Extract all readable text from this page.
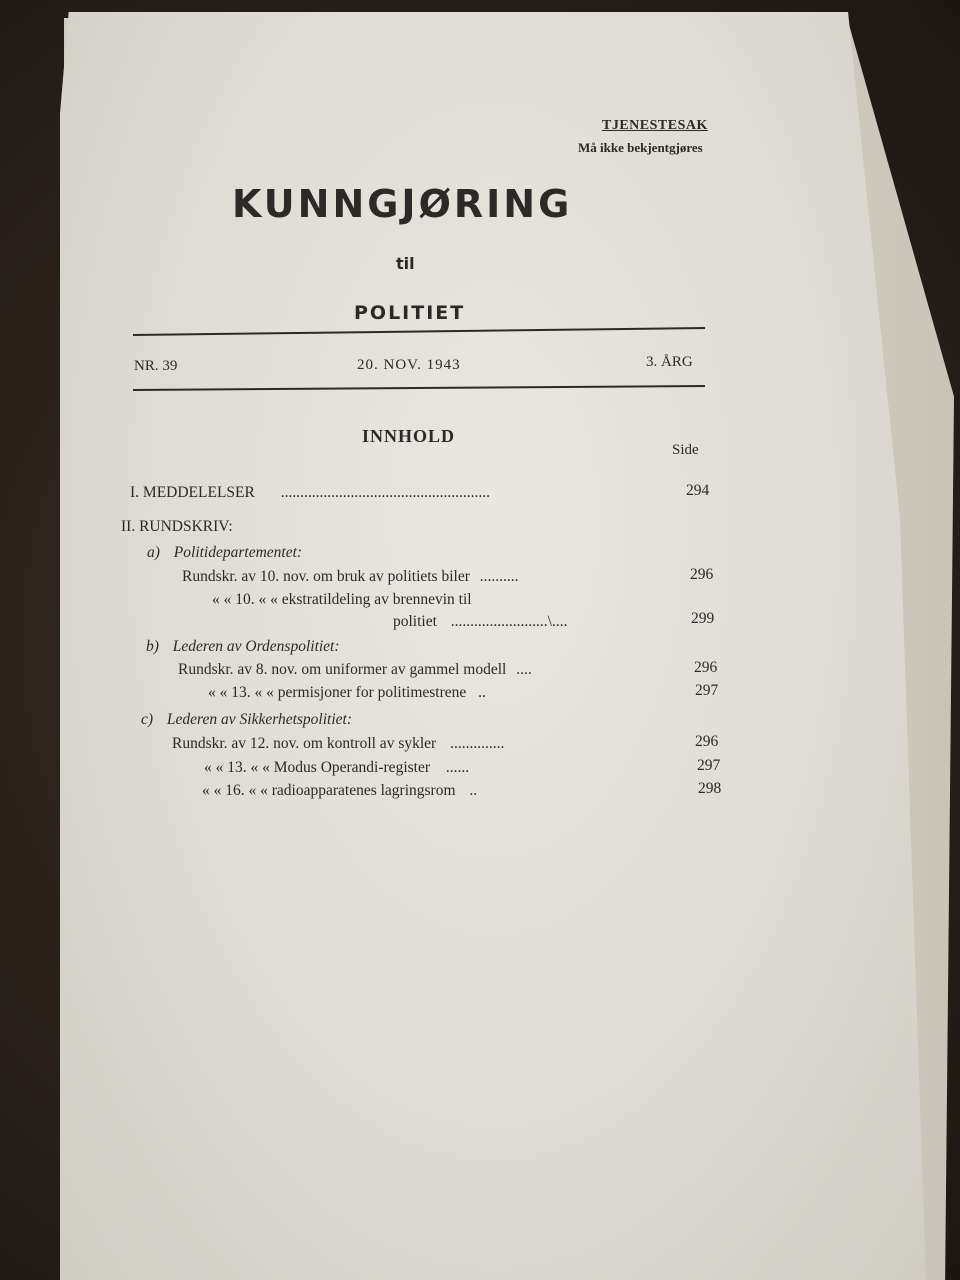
TJENESTESAK
Må ikke bekjentgjøres
KUNNGJØRING
til
POLITIET
NR. 39	20. NOV. 1943	3. ÅRG
INNHOLD
Side
I. MEDDELELSER ......................................................	294
II. RUNDSKRIV:
a) Politidepartementet:
Rundskr. av 10. nov. om bruk av politiets biler ..........	296
« « 10. « « ekstratildeling av brennevin til
politiet .........................\....	299
b) Lederen av Ordenspolitiet:
Rundskr. av 8. nov. om uniformer av gammel modell ....	296
« « 13. « « permisjoner for politimestrene ..	297
c) Lederen av Sikkerhetspolitiet:
Rundskr. av 12. nov. om kontroll av sykler ..............	296
« « 13. « « Modus Operandi-register ......	297
« « 16. « « radioapparatenes lagringsrom ..	298
